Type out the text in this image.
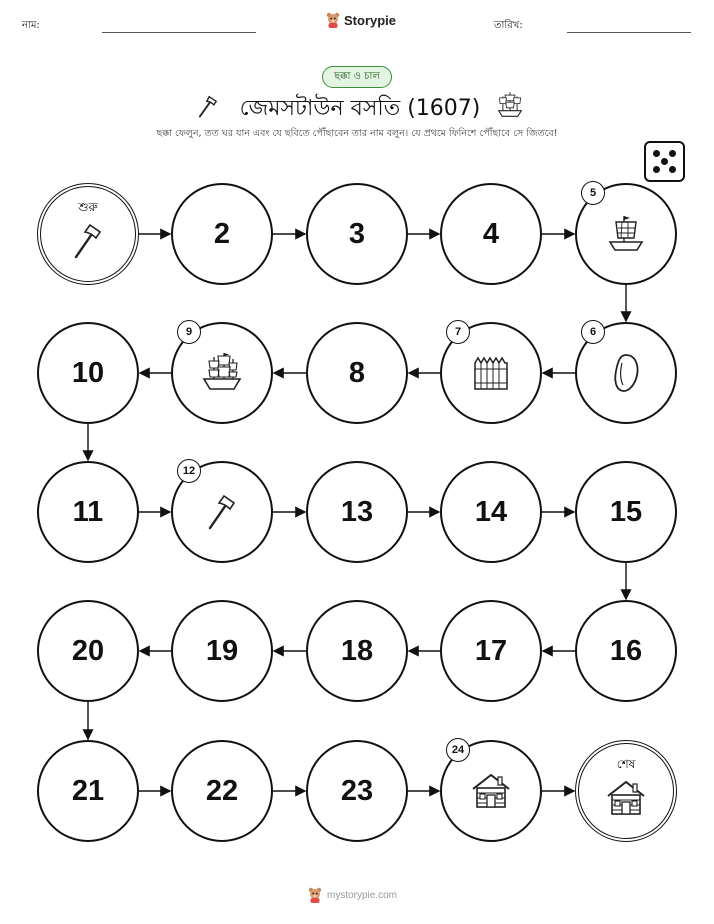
নাম:	Storypie	তারিখ:
ছক্কা ও চাল
জেমসটাউন বসতি (1607)
ছক্কা ফেলুন, তত ঘর যান এবং যে ছবিতে পৌঁছাবেন তার নাম বলুন। যে প্রথমে ফিনিশে পৌঁছাবে সে জিতবে!
শুরু
2	3	4
5
6
7
8
9
10
11
12
13	14	15
16
17
18
19
20
21	22	23
24
শেষ
mystorypie.com
